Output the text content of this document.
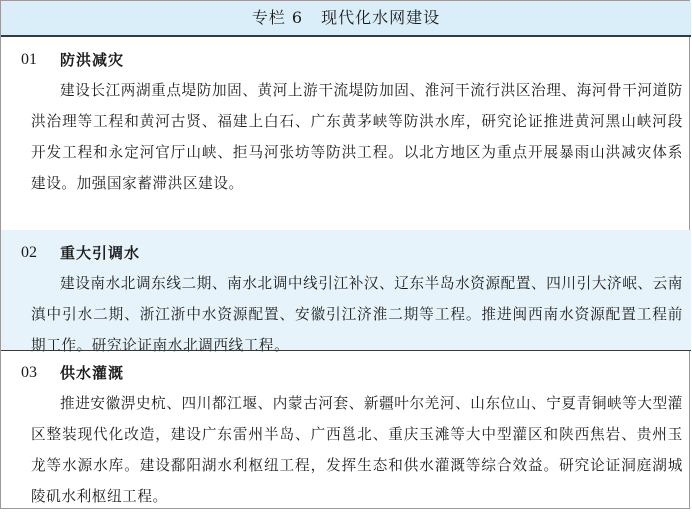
专栏 6 现代化水网建设
01 防洪减灾
建设长江两湖重点堤防加固、黄河上游干流堤防加固、淮河干流行洪区治理、海河骨干河道防洪治理等工程和黄河古贤、福建上白石、广东黄茅峡等防洪水库，研究论证推进黄河黑山峡河段开发工程和永定河官厅山峡、拒马河张坊等防洪工程。以北方地区为重点开展暴雨山洪减灾体系建设。加强国家蓄滞洪区建设。
02 重大引调水
建设南水北调东线二期、南水北调中线引江补汉、辽东半岛水资源配置、四川引大济岷、云南滇中引水二期、浙江浙中水资源配置、安徽引江济淮二期等工程。推进闽西南水资源配置工程前期工作。研究论证南水北调西线工程。
03 供水灌溉
推进安徽淠史杭、四川都江堰、内蒙古河套、新疆叶尔羌河、山东位山、宁夏青铜峡等大型灌区整装现代化改造，建设广东雷州半岛、广西邕北、重庆玉滩等大中型灌区和陕西焦岩、贵州玉龙等水源水库。建设鄱阳湖水利枢纽工程，发挥生态和供水灌溉等综合效益。研究论证洞庭湖城陵矶水利枢纽工程。
